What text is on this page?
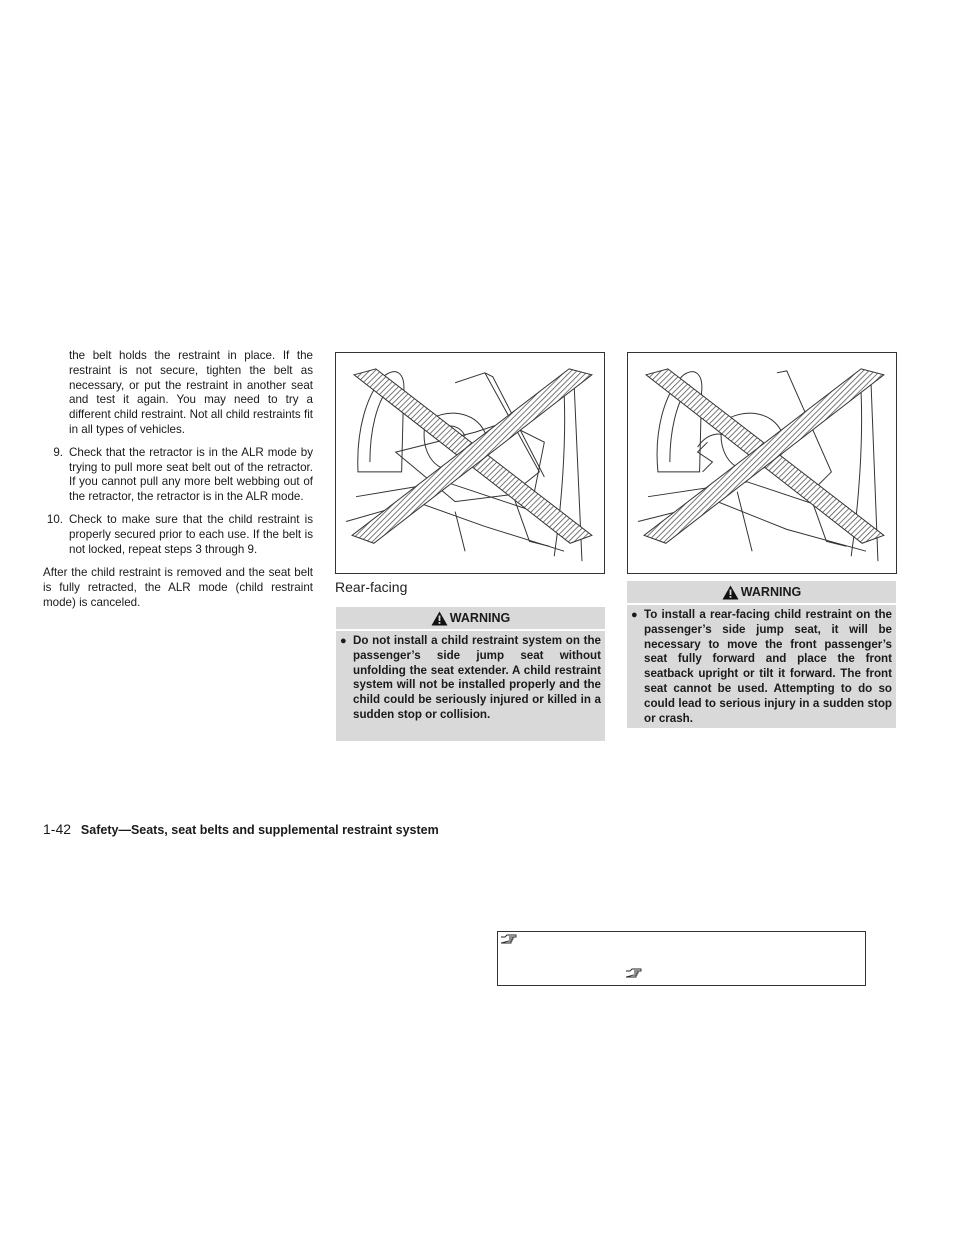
the belt holds the restraint in place. If the restraint is not secure, tighten the belt as necessary, or put the restraint in another seat and test it again. You may need to try a different child restraint. Not all child restraints fit in all types of vehicles.

9. Check that the retractor is in the ALR mode by trying to pull more seat belt out of the retractor. If you cannot pull any more belt webbing out of the retractor, the retractor is in the ALR mode.

10. Check to make sure that the child restraint is properly secured prior to each use. If the belt is not locked, repeat steps 3 through 9.

After the child restraint is removed and the seat belt is fully retracted, the ALR mode (child restraint mode) is canceled.

Rear-facing
WARNING
● Do not install a child restraint system on the passenger’s side jump seat without unfolding the seat extender. A child restraint system will not be installed properly and the child could be seriously injured or killed in a sudden stop or collision.
WARNING
● To install a rear-facing child restraint on the passenger’s side jump seat, it will be necessary to move the front passenger’s seat fully forward and place the front seatback upright or tilt it forward. The front seat cannot be used. Attempting to do so could lead to serious injury in a sudden stop or crash.
1-42 Safety—Seats, seat belts and supplemental restraint system
